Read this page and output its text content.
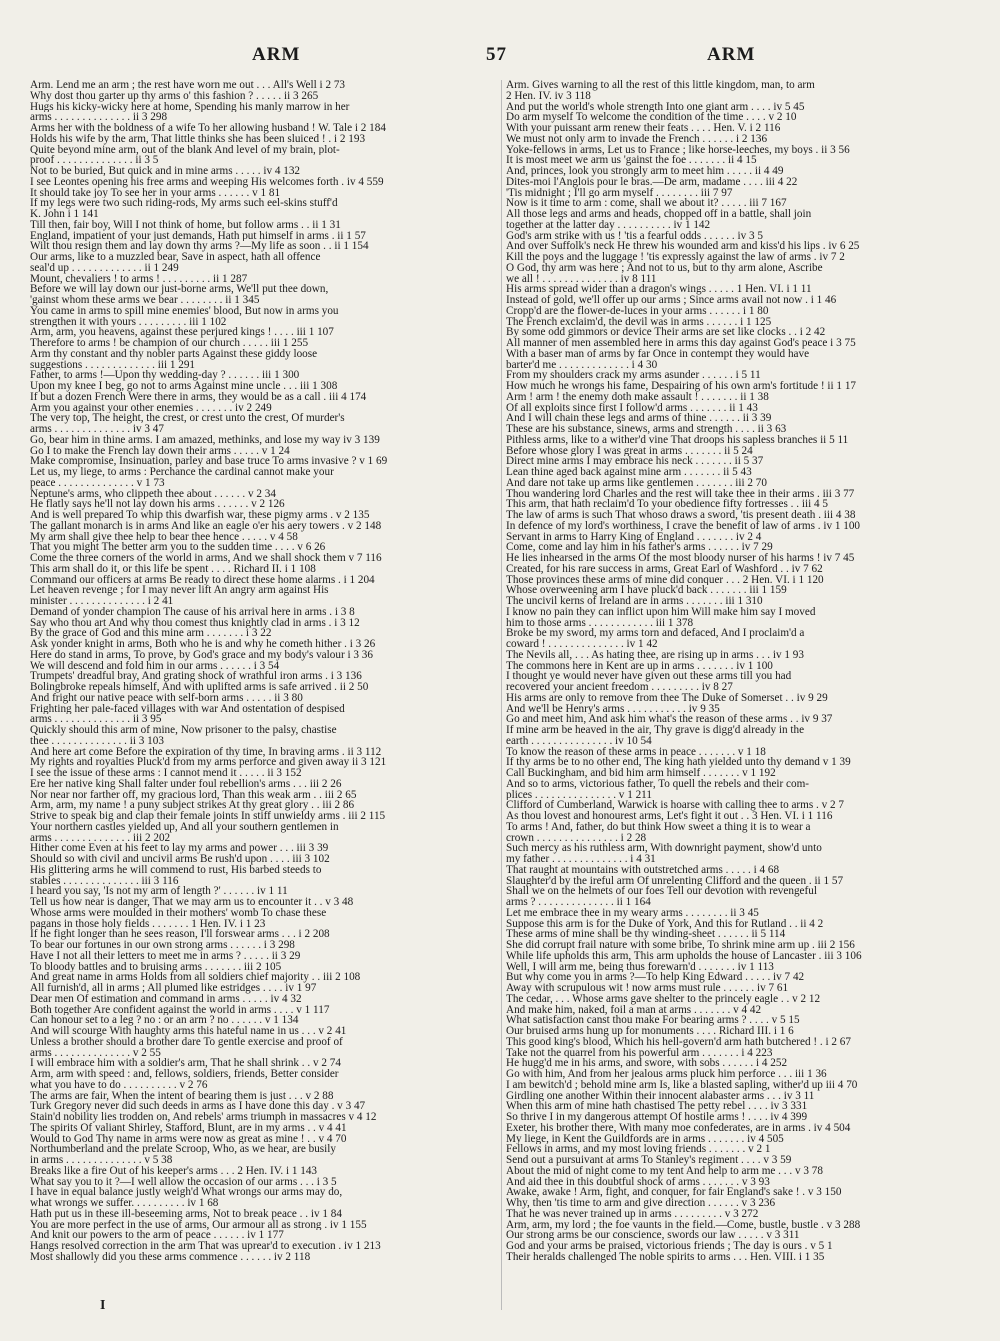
ARM	57	ARM
Arm. Lend me an arm ; the rest have worn me out . . . All's Well i 2 73
Why dost thou garter up thy arms o' this fashion ? . . . . . ii 3 265
Hugs his kicky-wicky here at home, Spending his manly marrow in her
arms . . . . . . . . . . . . . . ii 3 298
Arms her with the boldness of a wife To her allowing husband ! W. Tale i 2 184
Holds his wife by the arm, That little thinks she has been sluiced ! . i 2 193
Quite beyond mine arm, out of the blank And level of my brain, plot-
proof . . . . . . . . . . . . . . ii 3 5
Not to be buried, But quick and in mine arms . . . . . iv 4 132
I see Leontes opening his free arms and weeping His welcomes forth . iv 4 559
It should take joy To see her in your arms . . . . . . v 1 81
If my legs were two such riding-rods, My arms such eel-skins stuff'd
K. John i 1 141
Till then, fair boy, Will I not think of home, but follow arms . . ii 1 31
England, impatient of your just demands, Hath put himself in arms . ii 1 57
Wilt thou resign them and lay down thy arms ?—My life as soon . . ii 1 154
Our arms, like to a muzzled bear, Save in aspect, hath all offence
seal'd up . . . . . . . . . . . . . ii 1 249
Mount, chevaliers ! to arms ! . . . . . . . . . ii 1 287
Before we will lay down our just-borne arms, We'll put thee down,
'gainst whom these arms we bear . . . . . . . . ii 1 345
You came in arms to spill mine enemies' blood, But now in arms you
strengthen it with yours . . . . . . . . . iii 1 102
Arm, arm, you heavens, against these perjured kings ! . . . . iii 1 107
Therefore to arms ! be champion of our church . . . . . iii 1 255
Arm thy constant and thy nobler parts Against these giddy loose
suggestions . . . . . . . . . . . . . iii 1 291
Father, to arms !—Upon thy wedding-day ? . . . . . . iii 1 300
Upon my knee I beg, go not to arms Against mine uncle . . . iii 1 308
If but a dozen French Were there in arms, they would be as a call . iii 4 174
Arm you against your other enemies . . . . . . . iv 2 249
The very top, The height, the crest, or crest unto the crest, Of murder's
arms . . . . . . . . . . . . . . iv 3 47
Go, bear him in thine arms. I am amazed, methinks, and lose my way iv 3 139
Go I to make the French lay down their arms . . . . . v 1 24
Make compromise, Insinuation, parley and base truce To arms invasive ? v 1 69
Let us, my liege, to arms : Perchance the cardinal cannot make your
peace . . . . . . . . . . . . . . v 1 73
Neptune's arms, who clippeth thee about . . . . . . v 2 34
He flatly says he'll not lay down his arms . . . . . . v 2 126
And is well prepared To whip this dwarfish war, these pigmy arms . v 2 135
The gallant monarch is in arms And like an eagle o'er his aery towers . v 2 148
My arm shall give thee help to bear thee hence . . . . . v 4 58
That you might The better arm you to the sudden time . . . . v 6 26
Come the three corners of the world in arms, And we shall shock them v 7 116
This arm shall do it, or this life be spent . . . . Richard II. i 1 108
Command our officers at arms Be ready to direct these home alarms . i 1 204
Let heaven revenge ; for I may never lift An angry arm against His
minister . . . . . . . . . . . . . . i 2 41
Demand of yonder champion The cause of his arrival here in arms . i 3 8
Say who thou art And why thou comest thus knightly clad in arms . i 3 12
By the grace of God and this mine arm . . . . . . . i 3 22
Ask yonder knight in arms, Both who he is and why he cometh hither . i 3 26
Here do stand in arms, To prove, by God's grace and my body's valour i 3 36
We will descend and fold him in our arms . . . . . . i 3 54
Trumpets' dreadful bray, And grating shock of wrathful iron arms . i 3 136
Bolingbroke repeals himself, And with uplifted arms is safe arrived . ii 2 50
And fright our native peace with self-born arms . . . . . ii 3 80
Frighting her pale-faced villages with war And ostentation of despised
arms . . . . . . . . . . . . . . ii 3 95
Quickly should this arm of mine, Now prisoner to the palsy, chastise
thee . . . . . . . . . . . . . . ii 3 103
And here art come Before the expiration of thy time, In braving arms . ii 3 112
My rights and royalties Pluck'd from my arms perforce and given away ii 3 121
I see the issue of these arms : I cannot mend it . . . . . ii 3 152
Ere her native king Shall falter under foul rebellion's arms . . . iii 2 26
Nor near nor farther off, my gracious lord, Than this weak arm . . iii 2 65
Arm, arm, my name ! a puny subject strikes At thy great glory . . iii 2 86
Strive to speak big and clap their female joints In stiff unwieldy arms . iii 2 115
Your northern castles yielded up, And all your southern gentlemen in
arms . . . . . . . . . . . . . . iii 2 202
Hither come Even at his feet to lay my arms and power . . . iii 3 39
Should so with civil and uncivil arms Be rush'd upon . . . . iii 3 102
His glittering arms he will commend to rust, His barbed steeds to
stables . . . . . . . . . . . . . . iii 3 116
I heard you say, 'Is not my arm of length ?' . . . . . . iv 1 11
Tell us how near is danger, That we may arm us to encounter it . . v 3 48
Whose arms were moulded in their mothers' womb To chase these
pagans in those holy fields . . . . . . . 1 Hen. IV. i 1 23
If he fight longer than he sees reason, I'll forswear arms . . . i 2 208
To bear our fortunes in our own strong arms . . . . . . i 3 298
Have I not all their letters to meet me in arms ? . . . . . ii 3 29
To bloody battles and to bruising arms . . . . . . . iii 2 105
And great name in arms Holds from all soldiers chief majority . . iii 2 108
All furnish'd, all in arms ; All plumed like estridges . . . . iv 1 97
Dear men Of estimation and command in arms . . . . . iv 4 32
Both together Are confident against the world in arms . . . . v 1 117
Can honour set to a leg ? no : or an arm ? no . . . . . . v 1 134
And will scourge With haughty arms this hateful name in us . . . v 2 41
Unless a brother should a brother dare To gentle exercise and proof of
arms . . . . . . . . . . . . . . v 2 55
I will embrace him with a soldier's arm, That he shall shrink . . v 2 74
Arm, arm with speed : and, fellows, soldiers, friends, Better consider
what you have to do . . . . . . . . . . v 2 76
The arms are fair, When the intent of bearing them is just . . . v 2 88
Turk Gregory never did such deeds in arms as I have done this day . v 3 47
Stain'd nobility lies trodden on, And rebels' arms triumph in massacres v 4 12
The spirits Of valiant Shirley, Stafford, Blunt, are in my arms . . v 4 41
Would to God Thy name in arms were now as great as mine ! . . v 4 70
Northumberland and the prelate Scroop, Who, as we hear, are busily
in arms . . . . . . . . . . . . . . v 5 38
Breaks like a fire Out of his keeper's arms . . . 2 Hen. IV. i 1 143
What say you to it ?—I well allow the occasion of our arms . . . i 3 5
I have in equal balance justly weigh'd What wrongs our arms may do,
what wrongs we suffer. . . . . . . . . . iv 1 68
Hath put us in these ill-beseeming arms, Not to break peace . . iv 1 84
You are more perfect in the use of arms, Our armour all as strong . iv 1 155
And knit our powers to the arm of peace . . . . . . iv 1 177
Hangs resolved correction in the arm That was uprear'd to execution . iv 1 213
Most shallowly did you these arms commence . . . . . . iv 2 118
Arm. Gives warning to all the rest of this little kingdom, man, to arm
2 Hen. IV. iv 3 118
And put the world's whole strength Into one giant arm . . . . iv 5 45
Do arm myself To welcome the condition of the time . . . . v 2 10
With your puissant arm renew their feats . . . . Hen. V. i 2 116
We must not only arm to invade the French . . . . . . i 2 136
Yoke-fellows in arms, Let us to France ; like horse-leeches, my boys . ii 3 56
It is most meet we arm us 'gainst the foe . . . . . . . ii 4 15
And, princes, look you strongly arm to meet him . . . . . ii 4 49
Dites-moi l'Anglois pour le bras.—De arm, madame . . . . iii 4 22
'Tis midnight ; I'll go arm myself . . . . . . . . iii 7 97
Now is it time to arm : come, shall we about it? . . . . . iii 7 167
All those legs and arms and heads, chopped off in a battle, shall join
together at the latter day . . . . . . . . . . iv 1 142
God's arm strike with us ! 'tis a fearful odds . . . . . . iv 3 5
And over Suffolk's neck He threw his wounded arm and kiss'd his lips . iv 6 25
Kill the poys and the luggage ! 'tis expressly against the law of arms . iv 7 2
O God, thy arm was here ; And not to us, but to thy arm alone, Ascribe
we all ! . . . . . . . . . . . . . . iv 8 111
His arms spread wider than a dragon's wings . . . . . 1 Hen. VI. i 1 11
Instead of gold, we'll offer up our arms ; Since arms avail not now . i 1 46
Cropp'd are the flower-de-luces in your arms . . . . . . i 1 80
The French exclaim'd, the devil was in arms . . . . . . i 1 125
By some odd gimmors or device Their arms are set like clocks . . i 2 42
All manner of men assembled here in arms this day against God's peace i 3 75
With a baser man of arms by far Once in contempt they would have
barter'd me . . . . . . . . . . . . . i 4 30
From my shoulders crack my arms asunder . . . . . . i 5 11
How much he wrongs his fame, Despairing of his own arm's fortitude ! ii 1 17
Arm ! arm ! the enemy doth make assault ! . . . . . . . ii 1 38
Of all exploits since first I follow'd arms . . . . . . . ii 1 43
And I will chain these legs and arms of thine . . . . . . ii 3 39
These are his substance, sinews, arms and strength . . . . ii 3 63
Pithless arms, like to a wither'd vine That droops his sapless branches ii 5 11
Before whose glory I was great in arms . . . . . . . ii 5 24
Direct mine arms I may embrace his neck . . . . . . . ii 5 37
Lean thine aged back against mine arm . . . . . . . ii 5 43
And dare not take up arms like gentlemen . . . . . . . iii 2 70
Thou wandering lord Charles and the rest will take thee in their arms . iii 3 77
This arm, that hath reclaim'd To your obedience fifty fortresses . . iii 4 5
The law of arms is such That whoso draws a sword, 'tis present death . iii 4 38
In defence of my lord's worthiness, I crave the benefit of law of arms . iv 1 100
Servant in arms to Harry King of England . . . . . . . iv 2 4
Come, come and lay him in his father's arms . . . . . . iv 7 29
He lies inhearsed in the arms Of the most bloody nurser of his harms ! iv 7 45
Created, for his rare success in arms, Great Earl of Washford . . iv 7 62
Those provinces these arms of mine did conquer . . . 2 Hen. VI. i 1 120
Whose overweening arm I have pluck'd back . . . . . . . iii 1 159
The uncivil kerns of Ireland are in arms . . . . . . . iii 1 310
I know no pain they can inflict upon him Will make him say I moved
him to those arms . . . . . . . . . . . . iii 1 378
Broke be my sword, my arms torn and defaced, And I proclaim'd a
coward ! . . . . . . . . . . . . . . iv 1 42
The Nevils all, . . . As hating thee, are rising up in arms . . . iv 1 93
The commons here in Kent are up in arms . . . . . . . iv 1 100
I thought ye would never have given out these arms till you had
recovered your ancient freedom . . . . . . . . . iv 8 27
His arms are only to remove from thee The Duke of Somerset . . iv 9 29
And we'll be Henry's arms . . . . . . . . . . . iv 9 35
Go and meet him, And ask him what's the reason of these arms . . iv 9 37
If mine arm be heaved in the air, Thy grave is digg'd already in the
earth . . . . . . . . . . . . . . . iv 10 54
To know the reason of these arms in peace . . . . . . . v 1 18
If thy arms be to no other end, The king hath yielded unto thy demand v 1 39
Call Buckingham, and bid him arm himself . . . . . . . v 1 192
And so to arms, victorious father, To quell the rebels and their com-
plices . . . . . . . . . . . . . . . v 1 211
Clifford of Cumberland, Warwick is hoarse with calling thee to arms . v 2 7
As thou lovest and honourest arms, Let's fight it out . . 3 Hen. VI. i 1 116
To arms ! And, father, do but think How sweet a thing it is to wear a
crown . . . . . . . . . . . . . . . i 2 28
Such mercy as his ruthless arm, With downright payment, show'd unto
my father . . . . . . . . . . . . . . i 4 31
That raught at mountains with outstretched arms . . . . . i 4 68
Slaughter'd by the ireful arm Of unrelenting Clifford and the queen . ii 1 57
Shall we on the helmets of our foes Tell our devotion with revengeful
arms ? . . . . . . . . . . . . . . ii 1 164
Let me embrace thee in my weary arms . . . . . . . . ii 3 45
Suppose this arm is for the Duke of York, And this for Rutland . . ii 4 2
These arms of mine shall be thy winding-sheet . . . . . . ii 5 114
She did corrupt frail nature with some bribe, To shrink mine arm up . iii 2 156
While life upholds this arm, This arm upholds the house of Lancaster . iii 3 106
Well, I will arm me, being thus forewarn'd . . . . . . . iv 1 113
But why come you in arms ?—To help King Edward . . . . . iv 7 42
Away with scrupulous wit ! now arms must rule . . . . . . iv 7 61
The cedar, . . . Whose arms gave shelter to the princely eagle . . v 2 12
And make him, naked, foil a man at arms . . . . . . . v 4 42
What satisfaction canst thou make For bearing arms ? . . . . v 5 15
Our bruised arms hung up for monuments . . . . Richard III. i 1 6
This good king's blood, Which his hell-govern'd arm hath butchered ! . i 2 67
Take not the quarrel from his powerful arm . . . . . . . i 4 223
He hugg'd me in his arms, and swore, with sobs . . . . . . i 4 252
Go with him, And from her jealous arms pluck him perforce . . . iii 1 36
I am bewitch'd ; behold mine arm Is, like a blasted sapling, wither'd up iii 4 70
Girdling one another Within their innocent alabaster arms . . . iv 3 11
When this arm of mine hath chastised The petty rebel . . . . iv 3 331
So thrive I in my dangerous attempt Of hostile arms ! . . . . iv 4 399
Exeter, his brother there, With many moe confederates, are in arms . iv 4 504
My liege, in Kent the Guildfords are in arms . . . . . . . iv 4 505
Fellows in arms, and my most loving friends . . . . . . . v 2 1
Send out a pursuivant at arms To Stanley's regiment . . . . v 3 59
About the mid of night come to my tent And help to arm me . . . v 3 78
And aid thee in this doubtful shock of arms . . . . . . . v 3 93
Awake, awake ! Arm, fight, and conquer, for fair England's sake ! . v 3 150
Why, then 'tis time to arm and give direction . . . . . . v 3 236
That he was never trained up in arms . . . . . . . . . v 3 272
Arm, arm, my lord ; the foe vaunts in the field.—Come, bustle, bustle . v 3 288
Our strong arms be our conscience, swords our law . . . . . v 3 311
God and your arms be praised, victorious friends ; The day is ours . v 5 1
Their heralds challenged The noble spirits to arms . . . Hen. VIII. i 1 35
I
